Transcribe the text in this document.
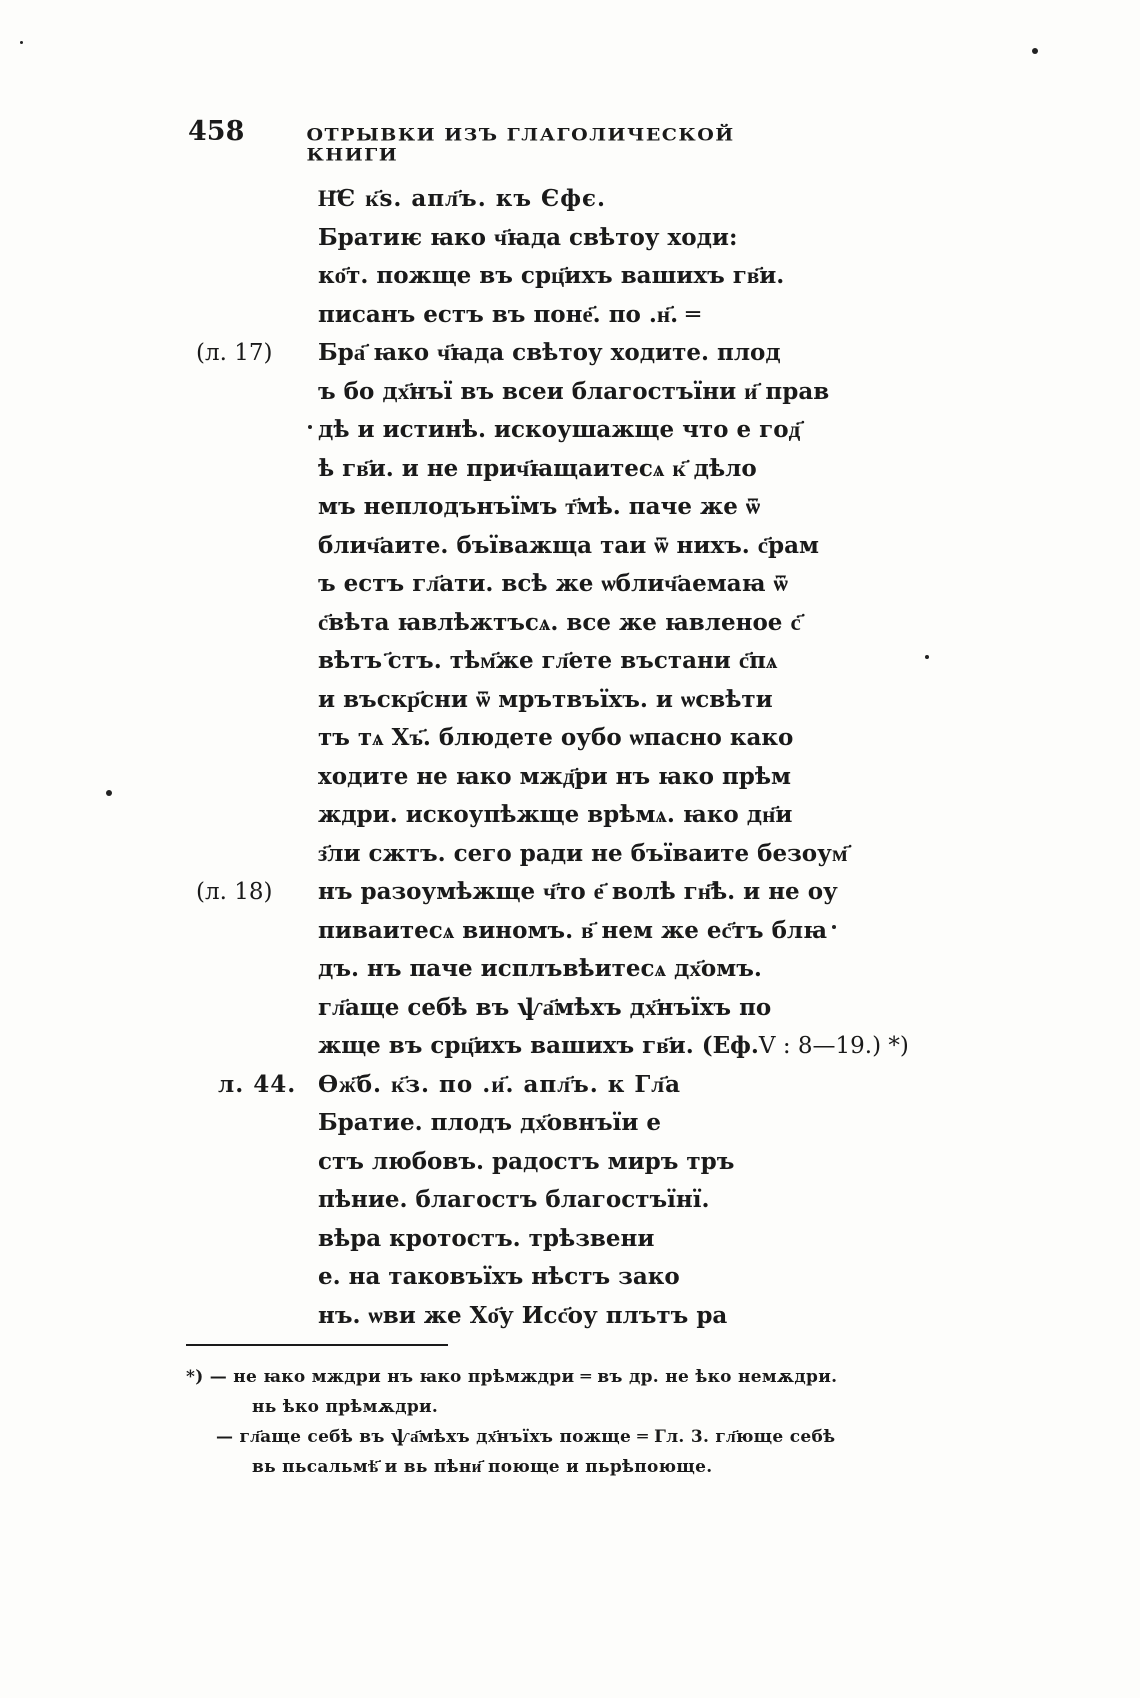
458	ОТРЫВКИ ИЗЪ ГЛАГОЛИЧЕСКОЙ КНИГИ
Н҃Є к҃ѕ. апл҃ъ. къ Єфє.
Братиѥ ꙗко ч҃ꙗда свѣтоу ходи:
ко҃т. пожще въ срц҃ихъ вашихъ гв҃и.
писанъ естъ въ поне҃. по .н҃. ═
(л. 17)	Бра҃ ꙗко ч҃ꙗда свѣтоу ходите. плод
ъ бо дх҃нъї въ всеи благостъїни и҃ прав
дѣ и истинѣ. искоушажще что е год҃
ѣ гв҃и. и не прич҃ꙗщаитесѧ к҃ дѣло
мъ неплодънъїмъ т҃мѣ. паче же ѿ
блич҃аите. бъїважща таи ѿ нихъ. с҃рам
ъ естъ гл҃ати. всѣ же ѡблич҃аемаꙗ ѿ
с҃вѣта ꙗвлѣжтъсѧ. все же ꙗвленое с҃
вѣтъ ҃стъ. тѣм҃же гл҃ете въстани с҃пѧ
и въскр҃сни ѿ мрътвъїхъ. и ѡсвѣти
тъ тѧ Хъ҃. блюдете оубо ѡпасно како
ходите не ꙗко мжд҃ри нъ ꙗко прѣм
ждри. искоупѣжще врѣмѧ. ꙗко дн҃и
з҃ли сжтъ. сего ради не бъїваите безоум҃
(л. 18)	нъ разоумѣжще ч҃то е҃ волѣ гн҃ѣ. и не оу
пиваитесѧ виномъ. в҃ нем же ес҃тъ блꙗ
дъ. нъ паче исплъвѣитесѧ дх҃омъ.
гл҃аще себѣ въ ѱа҃мѣхъ дх҃нъїхъ по
жще въ срц҃ихъ вашихъ гв҃и. (Еф. V : 8—19.) *)
л. 44. Ѳж҃б. к҃з. по .и҃. апл҃ъ. к Гл҃а
Братие. плодъ дх҃овнъїи е
стъ любовъ. радостъ миръ тръ
пѣние. благостъ благостъїнї.
вѣра кротостъ. трѣзвени
е. на таковъїхъ нѣстъ зако
нъ. ѡви же Хо҃у Исс҃оу плътъ ра
*) — не ꙗко мждри нъ ꙗко прѣмждри ═ въ др. не ѣко немѫдри.
нь ѣко прѣмѫдри.
— гл҃аще себѣ въ ѱа҃мѣхъ дх҃нъїхъ пожще ═ Гл. 3. гл҃юще себѣ
вь пьсальмѣ҃ и вь пѣни҃ поюще и пьрѣпоюще.
